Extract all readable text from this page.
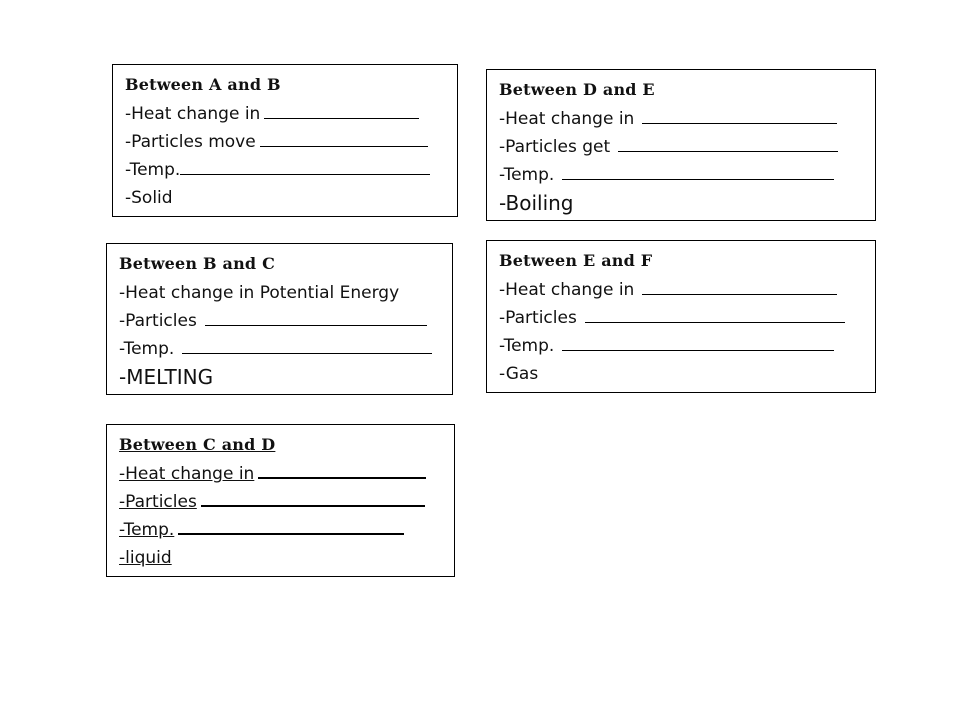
Between A and B
-Heat change in
-Particles move
-Temp.
-Solid
Between B and C
-Heat change in Potential Energy
-Particles
-Temp.
-MELTING
Between C and D
-Heat change in
-Particles
-Temp.
-liquid
Between D and E
-Heat change in
-Particles get
-Temp.
-Boiling
Between E and F
-Heat change in
-Particles
-Temp.
-Gas
